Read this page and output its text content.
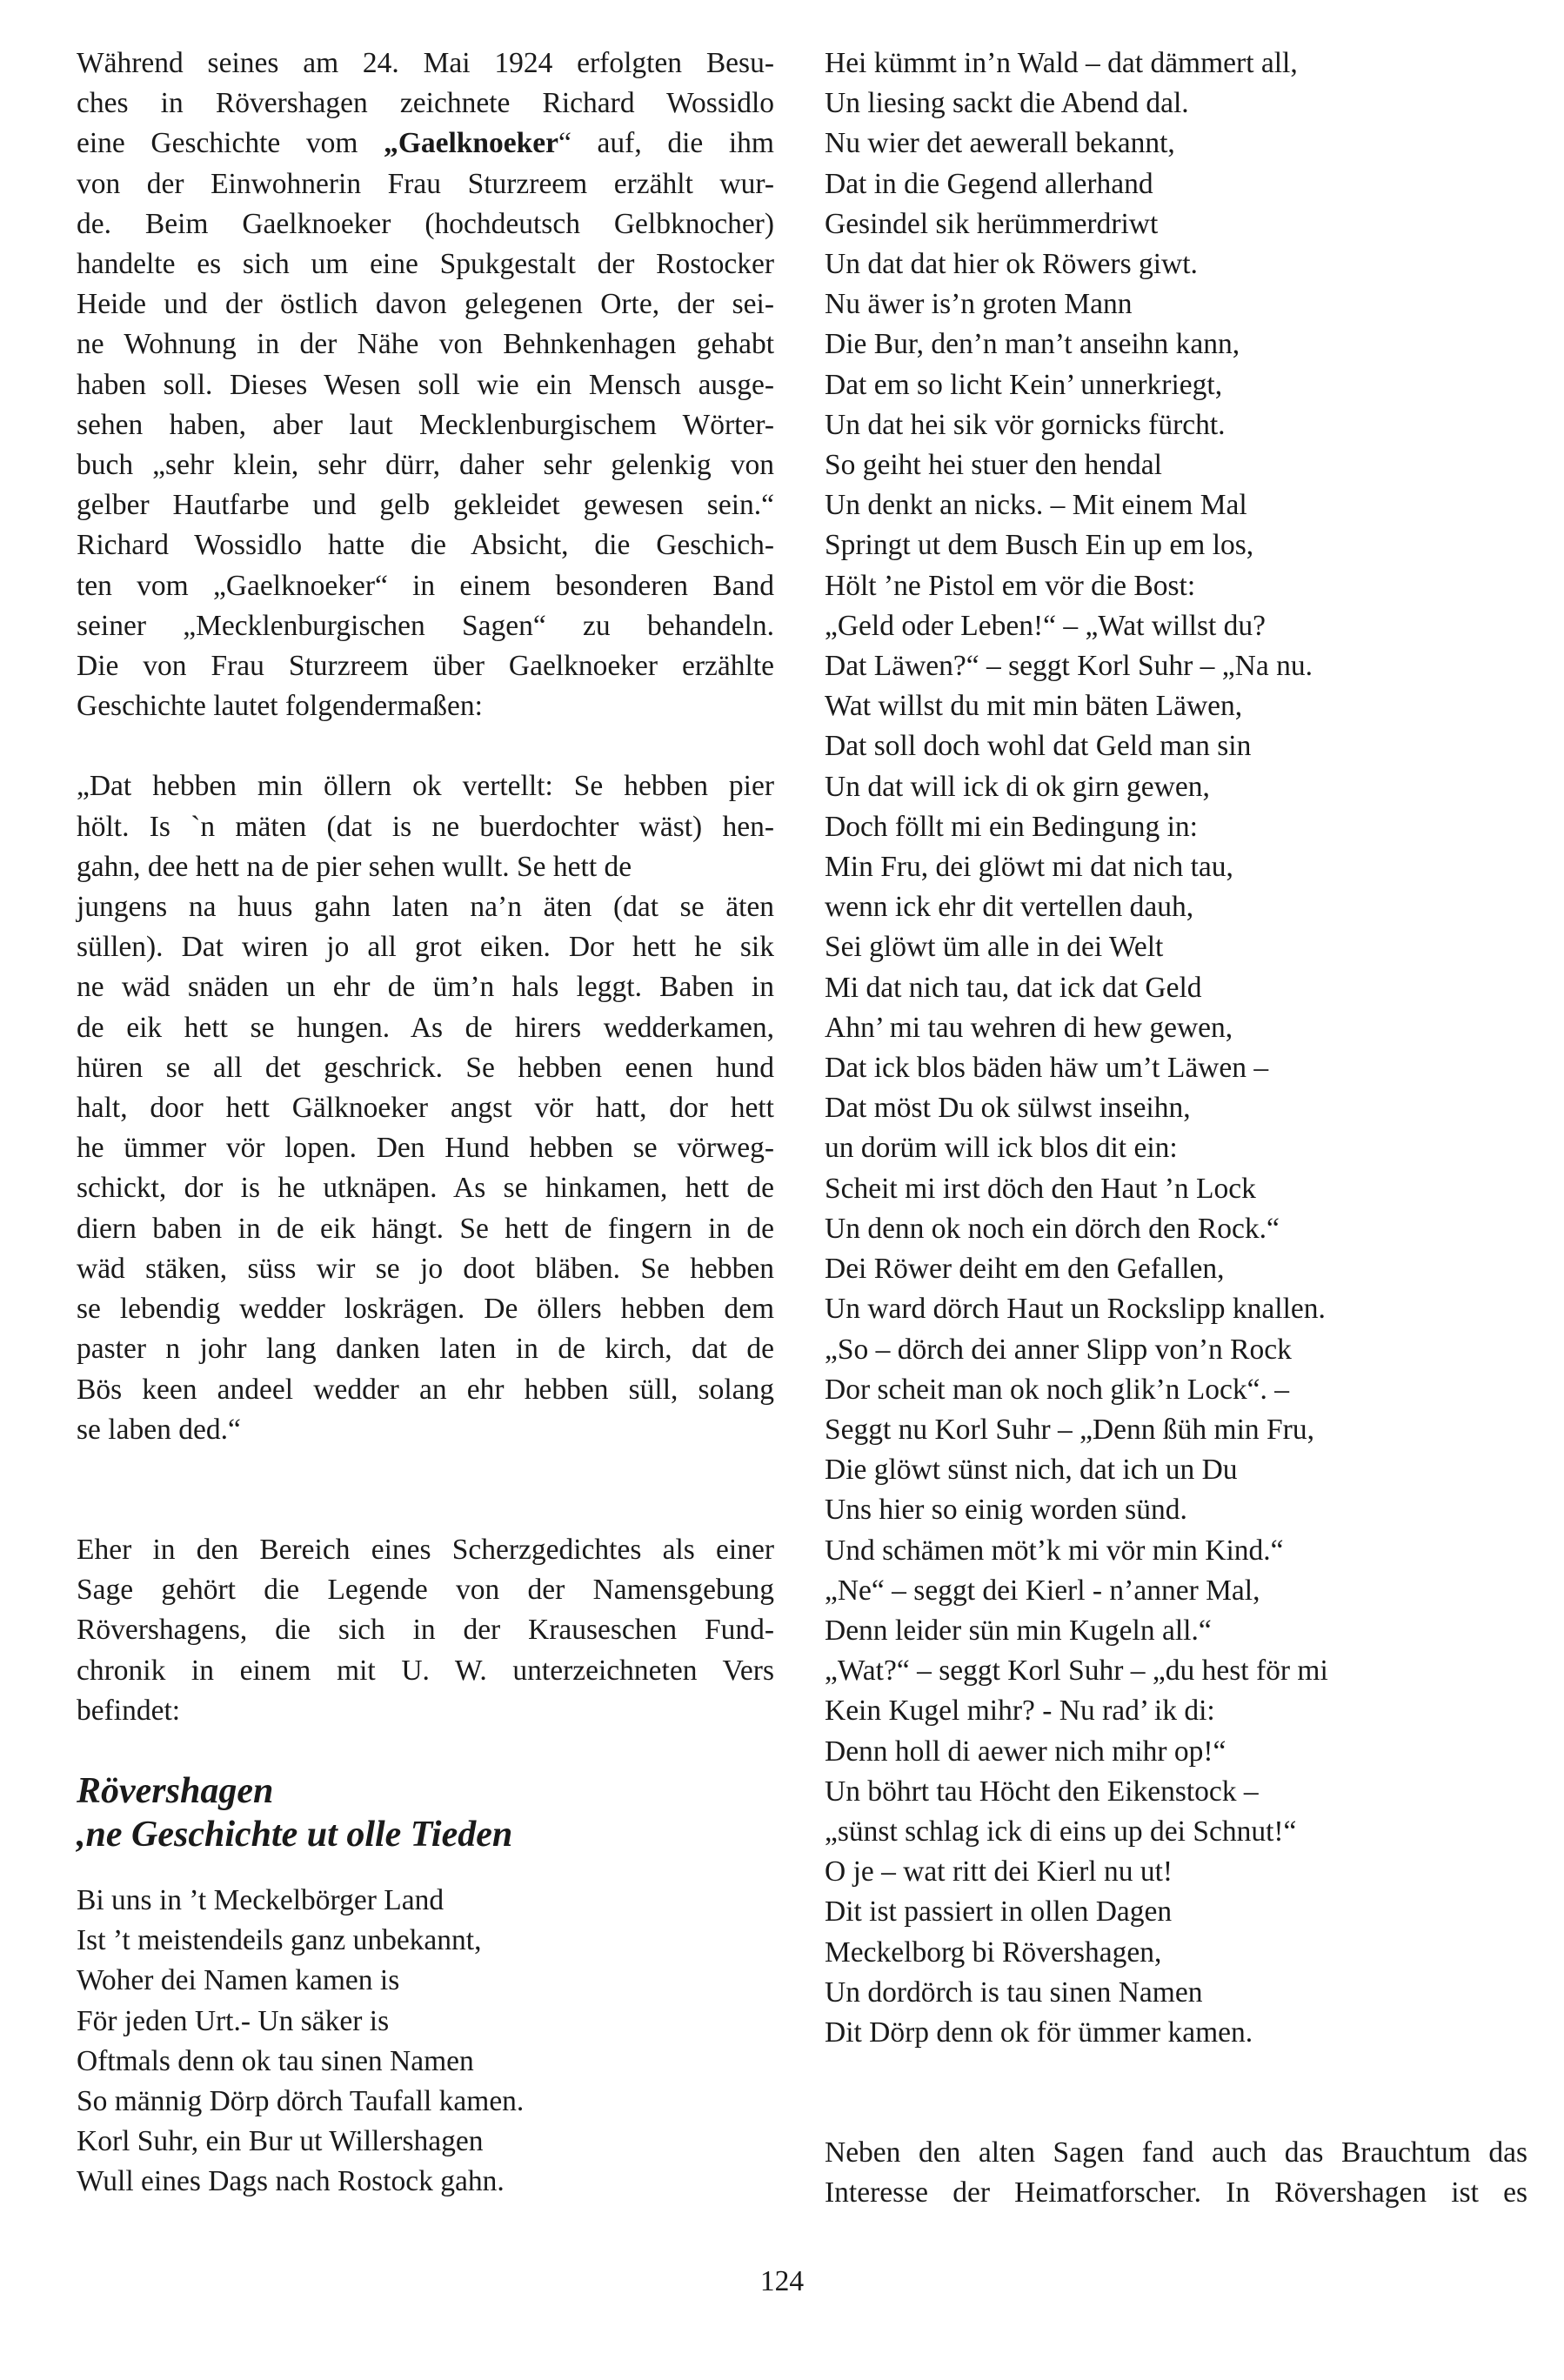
Während seines am 24. Mai 1924 erfolgten Besu-
ches in Rövershagen zeichnete Richard Wossidlo
eine Geschichte vom „Gaelknoeker“ auf, die ihm
von der Einwohnerin Frau Sturzreem erzählt wur-
de. Beim Gaelknoeker (hochdeutsch Gelbknocher)
handelte es sich um eine Spukgestalt der Rostocker
Heide und der östlich davon gelegenen Orte, der sei-
ne Wohnung in der Nähe von Behnkenhagen gehabt
haben soll. Dieses Wesen soll wie ein Mensch ausge-
sehen haben, aber laut Mecklenburgischem Wörter-
buch „sehr klein, sehr dürr, daher sehr gelenkig von
gelber Hautfarbe und gelb gekleidet gewesen sein.“
Richard Wossidlo hatte die Absicht, die Geschich-
ten vom „Gaelknoeker“ in einem besonderen Band
seiner „Mecklenburgischen Sagen“ zu behandeln.
Die von Frau Sturzreem über Gaelknoeker erzählte
Geschichte lautet folgendermaßen:

„Dat hebben min öllern ok vertellt: Se hebben pier
hölt. Is `n mäten (dat is ne buerdochter wäst) hen-
gahn, dee hett na de pier sehen wullt. Se hett de
jungens na huus gahn laten na’n äten (dat se äten
süllen). Dat wiren jo all grot eiken. Dor hett he sik
ne wäd snäden un ehr de üm’n hals leggt. Baben in
de eik hett se hungen. As de hirers wedderkamen,
hüren se all det geschrick. Se hebben eenen hund
halt, door hett Gälknoeker angst vör hatt, dor hett
he ümmer vör lopen. Den Hund hebben se vörweg-
schickt, dor is he utknäpen. As se hinkamen, hett de
diern baben in de eik hängt. Se hett de fingern in de
wäd stäken, süss wir se jo doot bläben. Se hebben
se lebendig wedder loskrägen. De öllers hebben dem
paster n johr lang danken laten in de kirch, dat de
Bös keen andeel wedder an ehr hebben süll, solang
se laben ded.“

Eher in den Bereich eines Scherzgedichtes als einer
Sage gehört die Legende von der Namensgebung
Rövershagens, die sich in der Krauseschen Fund-
chronik in einem mit U. W. unterzeichneten Vers
befindet:

Rövershagen
,ne Geschichte ut olle Tieden
Bi uns in ’t Meckelbörger Land
Ist ’t meistendeils ganz unbekannt,
Woher dei Namen kamen is
För jeden Urt.- Un säker is
Oftmals denn ok tau sinen Namen
So männig Dörp dörch Taufall kamen.
Korl Suhr, ein Bur ut Willershagen
Wull eines Dags nach Rostock gahn.
Hei kümmt in’n Wald – dat dämmert all,
Un liesing sackt die Abend dal.
Nu wier det aewerall bekannt,
Dat in die Gegend allerhand
Gesindel sik herümmerdriwt
Un dat dat hier ok Röwers giwt.
Nu äwer is’n groten Mann
Die Bur, den’n man’t anseihn kann,
Dat em so licht Kein’ unnerkriegt,
Un dat hei sik vör gornicks fürcht.
So geiht hei stuer den hendal
Un denkt an nicks. – Mit einem Mal
Springt ut dem Busch Ein up em los,
Hölt ’ne Pistol em vör die Bost:
„Geld oder Leben!“ – „Wat willst du?
Dat Läwen?“ – seggt Korl Suhr – „Na nu.
Wat willst du mit min bäten Läwen,
Dat soll doch wohl dat Geld man sin
Un dat will ick di ok girn gewen,
Doch föllt mi ein Bedingung in:
Min Fru, dei glöwt mi dat nich tau,
wenn ick ehr dit vertellen dauh,
Sei glöwt üm alle in dei Welt
Mi dat nich tau, dat ick dat Geld
Ahn’ mi tau wehren di hew gewen,
Dat ick blos bäden häw um’t Läwen –
Dat möst Du ok sülwst inseihn,
un dorüm will ick blos dit ein:
Scheit mi irst döch den Haut ’n Lock
Un denn ok noch ein dörch den Rock.“
Dei Röwer deiht em den Gefallen,
Un ward dörch Haut un Rockslipp knallen.
„So – dörch dei anner Slipp von’n Rock
Dor scheit man ok noch glik’n Lock“. –
Seggt nu Korl Suhr – „Denn ßüh min Fru,
Die glöwt sünst nich, dat ich un Du
Uns hier so einig worden sünd.
Und schämen möt’k mi vör min Kind.“
„Ne“ – seggt dei Kierl - n’anner Mal,
Denn leider sün min Kugeln all.“
„Wat?“ – seggt Korl Suhr – „du hest för mi
Kein Kugel mihr? - Nu rad’ ik di:
Denn holl di aewer nich mihr op!“
Un böhrt tau Höcht den Eikenstock –
„sünst schlag ick di eins up dei Schnut!“
O je – wat ritt dei Kierl nu ut!
Dit ist passiert in ollen Dagen
Meckelborg bi Rövershagen,
Un dordörch is tau sinen Namen
Dit Dörp denn ok för ümmer kamen.

Neben den alten Sagen fand auch das Brauchtum das
Interesse der Heimatforscher. In Rövershagen ist es

124
